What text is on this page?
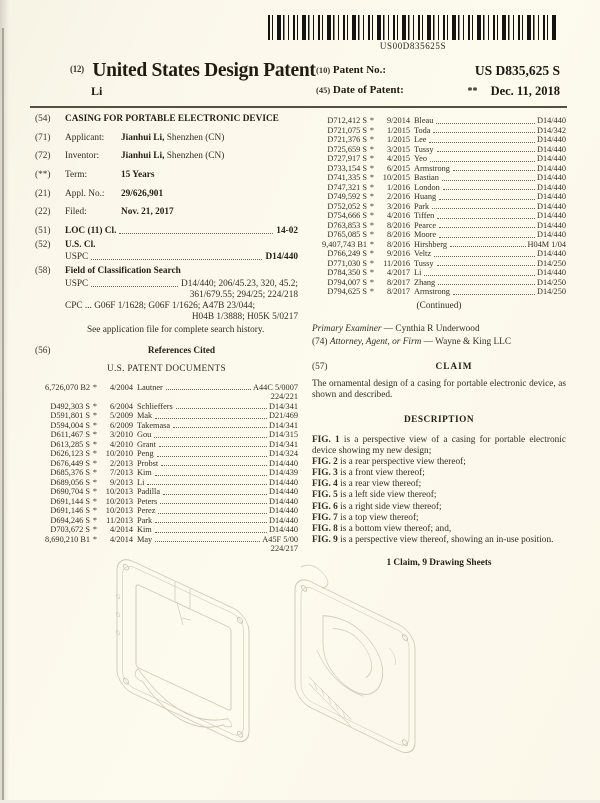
US00D835625S
$^{(12)}$ United States Design Patent
Li
(10) Patent No.:	US D835,625 S
(45) Date of Patent:	** Dec. 11, 2018
(54)	CASING FOR PORTABLE ELECTRONIC DEVICE
(71)	Applicant:	Jianhui Li, Shenzhen (CN)
(72)	Inventor:	Jianhui Li, Shenzhen (CN)
(**)	Term:	15 Years
(21)	Appl. No.:	29/626,901
(22)	Filed:	Nov. 21, 2017
(51)	LOC (11) Cl.	14-02
(52)	U.S. Cl.
USPC	D14/440
(58)	Field of Classification Search
USPC	D14/440; 206/45.23, 320, 45.2;
361/679.55; 294/25; 224/218
CPC ... G06F 1/1628; G06F 1/1626; A47B 23/044;
H04B 1/3888; H05K 5/0217
See application file for complete search history.
(56)	References Cited
U.S. PATENT DOCUMENTS
6,726,070 B2 *	4/2004 Lautner	A44C 5/0007
224/221
D492,303 S *	6/2004 Schlieffers	D14/341
D591,801 S *	5/2009 Mak	D21/469
D594,004 S *	6/2009 Takemasa	D14/341
D611,467 S *	3/2010 Gou	D14/315
D613,285 S *	4/2010 Grant	D14/341
D626,123 S *	10/2010 Peng	D14/324
D676,449 S *	2/2013 Probst	D14/440
D685,376 S *	7/2013 Kim	D14/439
D689,056 S *	9/2013 Li	D14/440
D690,704 S *	10/2013 Padilla	D14/440
D691,144 S *	10/2013 Peters	D14/440
D691,146 S *	10/2013 Perez	D14/440
D694,246 S *	11/2013 Park	D14/440
D703,672 S *	4/2014 Kim	D14/440
8,690,210 B1 *	4/2014 May	A45F 5/00
224/217
D712,412 S *	9/2014 Bleau	D14/440
D721,075 S *	1/2015 Toda	D14/342
D721,376 S *	1/2015 Lee	D14/440
D725,659 S *	3/2015 Tussy	D14/440
D727,917 S *	4/2015 Yeo	D14/440
D733,154 S *	6/2015 Armstrong	D14/440
D741,335 S *	10/2015 Bastian	D14/440
D747,321 S *	1/2016 London	D14/440
D749,592 S *	2/2016 Huang	D14/440
D752,052 S *	3/2016 Park	D14/440
D754,666 S *	4/2016 Tiffen	D14/440
D763,853 S *	8/2016 Pearce	D14/440
D765,085 S *	8/2016 Moore	D14/440
9,407,743 B1 *	8/2016 Hirshberg	H04M 1/04
D766,249 S *	9/2016 Veltz	D14/440
D771,030 S *	11/2016 Tussy	D14/250
D784,350 S *	4/2017 Li	D14/440
D794,007 S *	8/2017 Zhang	D14/250
D794,625 S *	8/2017 Armstrong	D14/250
(Continued)
Primary Examiner — Cynthia R Underwood
(74) Attorney, Agent, or Firm — Wayne & King LLC
(57)	CLAIM
The ornamental design of a casing for portable electronic device, as shown and described.
DESCRIPTION
FIG. 1 is a perspective view of a casing for portable electronic device showing my new design;
FIG. 2 is a rear perspective view thereof;
FIG. 3 is a front view thereof;
FIG. 4 is a rear view thereof;
FIG. 5 is a left side view thereof;
FIG. 6 is a right side view thereof;
FIG. 7 is a top view thereof;
FIG. 8 is a bottom view thereof; and,
FIG. 9 is a perspective view thereof, showing an in-use position.
1 Claim, 9 Drawing Sheets
